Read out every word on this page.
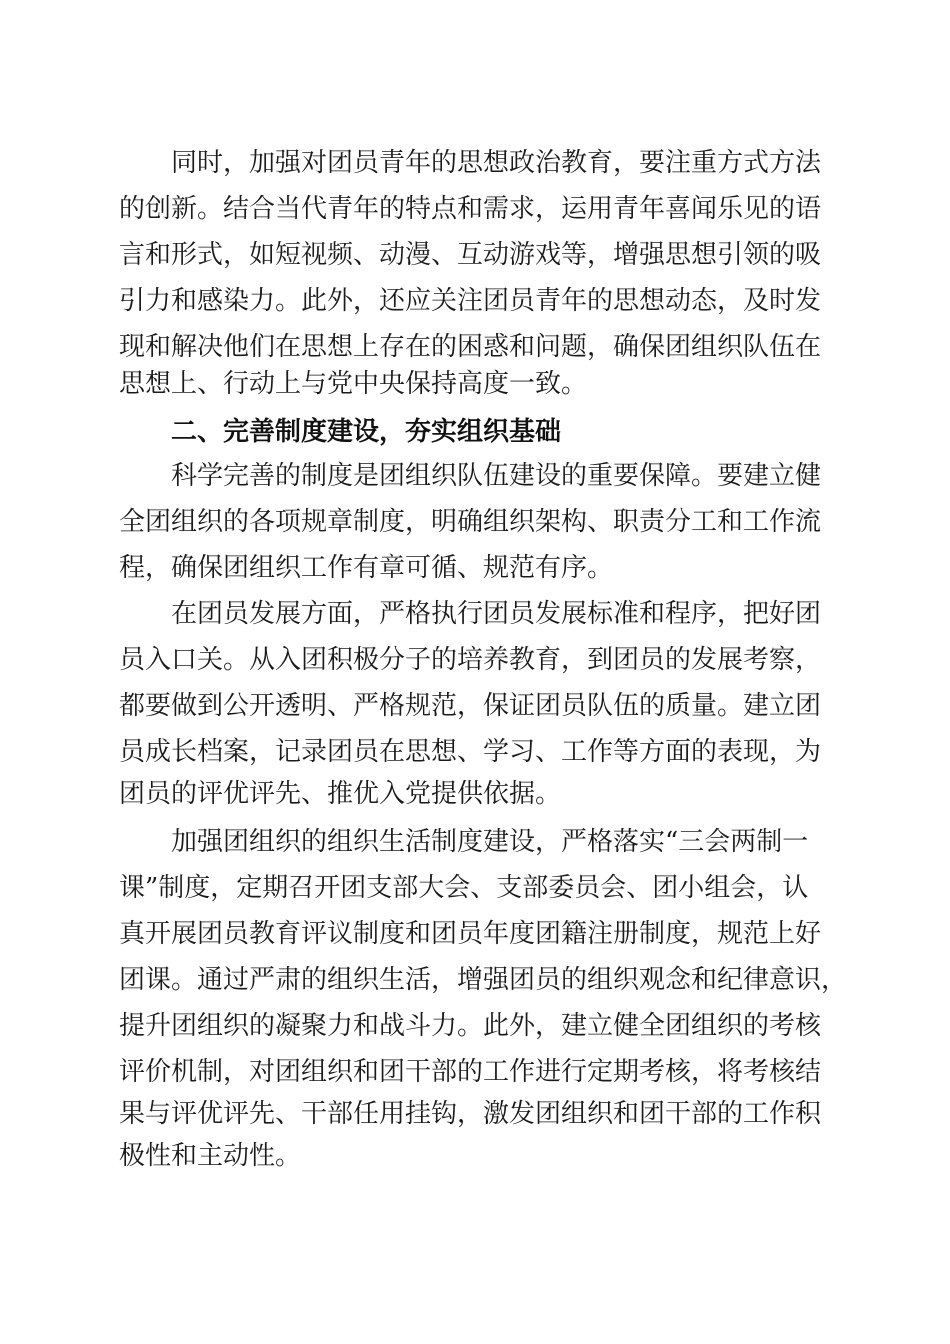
同时，加强对团员青年的思想政治教育，要注重方式方法

的创新。结合当代青年的特点和需求，运用青年喜闻乐见的语

言和形式，如短视频、动漫、互动游戏等，增强思想引领的吸

引力和感染力。此外，还应关注团员青年的思想动态，及时发

现和解决他们在思想上存在的困惑和问题，确保团组织队伍在

思想上、行动上与党中央保持高度一致。

二、完善制度建设，夯实组织基础

科学完善的制度是团组织队伍建设的重要保障。要建立健

全团组织的各项规章制度，明确组织架构、职责分工和工作流

程，确保团组织工作有章可循、规范有序。

在团员发展方面，严格执行团员发展标准和程序，把好团

员入口关。从入团积极分子的培养教育，到团员的发展考察，

都要做到公开透明、严格规范，保证团员队伍的质量。建立团

员成长档案，记录团员在思想、学习、工作等方面的表现，为

团员的评优评先、推优入党提供依据。

加强团组织的组织生活制度建设，严格落实“三会两制一

课”制度，定期召开团支部大会、支部委员会、团小组会，认

真开展团员教育评议制度和团员年度团籍注册制度，规范上好

团课。通过严肃的组织生活，增强团员的组织观念和纪律意识，

提升团组织的凝聚力和战斗力。此外，建立健全团组织的考核

评价机制，对团组织和团干部的工作进行定期考核，将考核结

果与评优评先、干部任用挂钩，激发团组织和团干部的工作积

极性和主动性。
